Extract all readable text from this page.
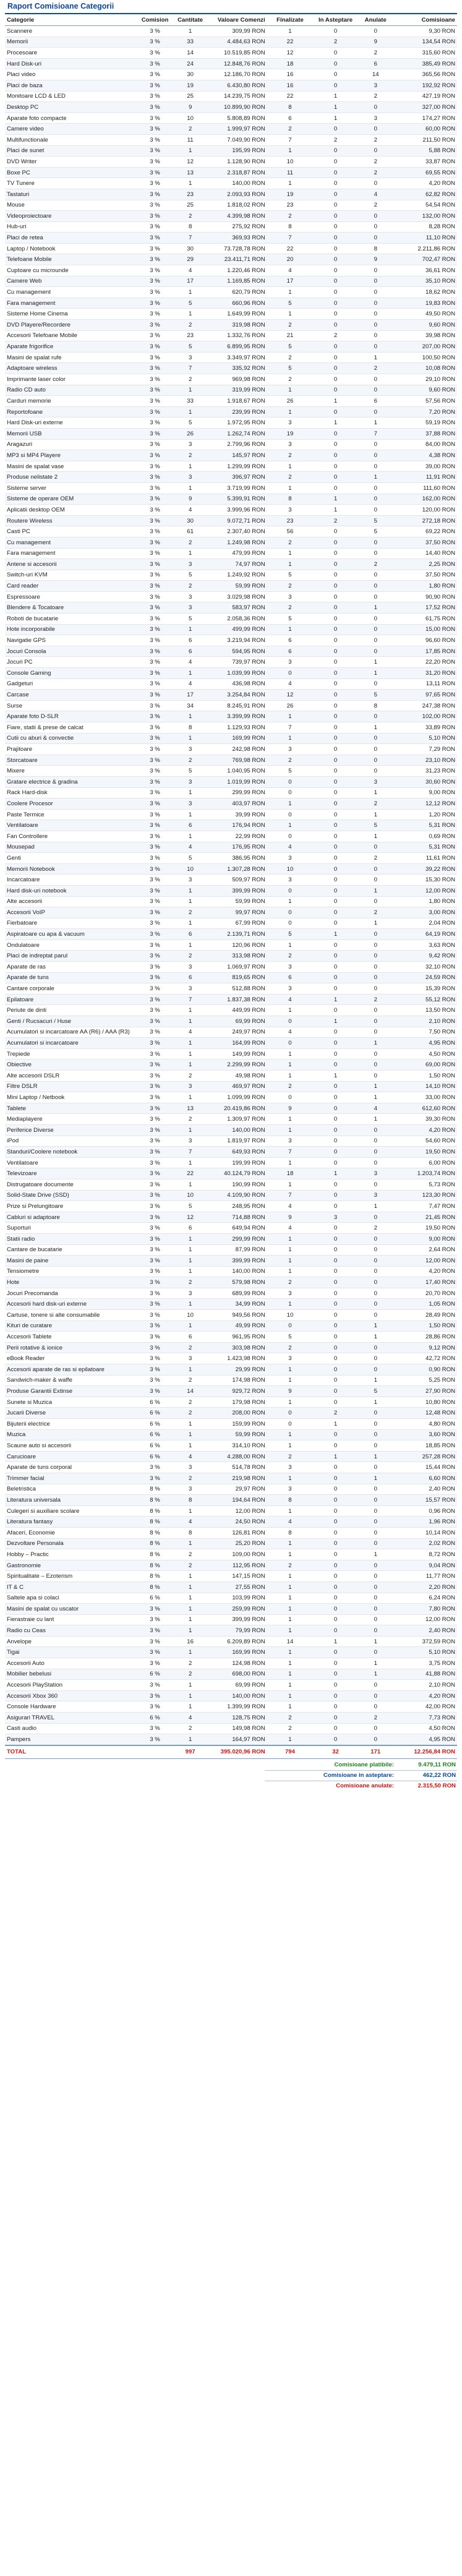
Raport Comisioane Categorii
Categorie	Comision	Cantitate	Valoare Comenzi	Finalizate	In Asteptare	Anulate	Comisioane
Scannere	3 %	1	309,99 RON	1	0	0	9,30 RON
Memorii	3 %	33	4.484,63 RON	22	2	9	134,54 RON
Procesoare	3 %	14	10.519,85 RON	12	0	2	315,60 RON
Hard Disk-uri	3 %	24	12.848,76 RON	18	0	6	385,49 RON
Placi video	3 %	30	12.186,70 RON	16	0	14	365,56 RON
Placi de baza	3 %	19	6.430,80 RON	16	0	3	192,92 RON
Monitoare LCD & LED	3 %	25	14.239,75 RON	22	1	2	427,19 RON
Desktop PC	3 %	9	10.899,90 RON	8	1	0	327,00 RON
Aparate foto compacte	3 %	10	5.808,89 RON	6	1	3	174,27 RON
Camere video	3 %	2	1.999,97 RON	2	0	0	60,00 RON
Multifunctionale	3 %	11	7.049,90 RON	7	2	2	211,50 RON
Placi de sunet	3 %	1	195,99 RON	1	0	0	5,88 RON
DVD Writer	3 %	12	1.128,90 RON	10	0	2	33,87 RON
Boxe PC	3 %	13	2.318,87 RON	11	0	2	69,55 RON
TV Tunere	3 %	1	140,00 RON	1	0	0	4,20 RON
Tastaturi	3 %	23	2.093,93 RON	19	0	4	62,82 RON
Mouse	3 %	25	1.818,02 RON	23	0	2	54,54 RON
Videoproiectoare	3 %	2	4.399,98 RON	2	0	0	132,00 RON
Hub-uri	3 %	8	275,92 RON	8	0	0	8,28 RON
Placi de retea	3 %	7	369,93 RON	7	0	0	11,10 RON
Laptop / Notebook	3 %	30	73.728,78 RON	22	0	8	2.211,86 RON
Telefoane Mobile	3 %	29	23.411,71 RON	20	0	9	702,47 RON
Cuptoare cu microunde	3 %	4	1.220,46 RON	4	0	0	36,61 RON
Camere Web	3 %	17	1.169,85 RON	17	0	0	35,10 RON
Cu management	3 %	1	620,79 RON	1	0	0	18,62 RON
Fara management	3 %	5	660,96 RON	5	0	0	19,83 RON
Sisteme Home Cinema	3 %	1	1.649,99 RON	1	0	0	49,50 RON
DVD Playere/Recordere	3 %	2	319,98 RON	2	0	0	9,60 RON
Accesorii Telefoane Mobile	3 %	23	1.332,76 RON	21	2	0	39,98 RON
Aparate frigorifice	3 %	5	6.899,95 RON	5	0	0	207,00 RON
Masini de spalat rufe	3 %	3	3.349,97 RON	2	0	1	100,50 RON
Adaptoare wireless	3 %	7	335,92 RON	5	0	2	10,08 RON
Imprimante laser color	3 %	2	969,98 RON	2	0	0	29,10 RON
Radio CD auto	3 %	1	319,99 RON	1	0	0	9,60 RON
Carduri memorie	3 %	33	1.918,67 RON	26	1	6	57,56 RON
Reportofoane	3 %	1	239,99 RON	1	0	0	7,20 RON
Hard Disk-uri externe	3 %	5	1.972,95 RON	3	1	1	59,19 RON
Memorii USB	3 %	26	1.262,74 RON	19	0	7	37,88 RON
Aragazuri	3 %	3	2.799,96 RON	3	0	0	84,00 RON
MP3 si MP4 Playere	3 %	2	145,97 RON	2	0	0	4,38 RON
Masini de spalat vase	3 %	1	1.299,99 RON	1	0	0	39,00 RON
Produse nelistate 2	3 %	3	396,97 RON	2	0	1	11,91 RON
Sisteme server	3 %	1	3.719,99 RON	1	0	0	111,60 RON
Sisteme de operare OEM	3 %	9	5.399,91 RON	8	1	0	162,00 RON
Aplicatii desktop OEM	3 %	4	3.999,96 RON	3	1	0	120,00 RON
Routere Wireless	3 %	30	9.072,71 RON	23	2	5	272,18 RON
Casti PC	3 %	61	2.307,40 RON	56	0	5	69,22 RON
Cu management	3 %	2	1.249,98 RON	2	0	0	37,50 RON
Fara management	3 %	1	479,99 RON	1	0	0	14,40 RON
Antene si accesorii	3 %	3	74,97 RON	1	0	2	2,25 RON
Switch-uri KVM	3 %	5	1.249,92 RON	5	0	0	37,50 RON
Card reader	3 %	2	59,99 RON	2	0	0	1,80 RON
Espressoare	3 %	3	3.029,98 RON	3	0	0	90,90 RON
Blendere & Tocatoare	3 %	3	583,97 RON	2	0	1	17,52 RON
Roboti de bucatarie	3 %	5	2.058,36 RON	5	0	0	61,75 RON
Hote incorporabile	3 %	1	499,99 RON	1	0	0	15,00 RON
Navigatie GPS	3 %	6	3.219,94 RON	6	0	0	96,60 RON
Jocuri Consola	3 %	6	594,95 RON	6	0	0	17,85 RON
Jocuri PC	3 %	4	739,97 RON	3	0	1	22,20 RON
Console Gaming	3 %	1	1.039,99 RON	0	0	1	31,20 RON
Gadgeturi	3 %	4	436,98 RON	4	0	0	13,11 RON
Carcase	3 %	17	3.254,84 RON	12	0	5	97,65 RON
Surse	3 %	34	8.245,91 RON	26	0	8	247,38 RON
Aparate foto D-SLR	3 %	1	3.399,99 RON	1	0	0	102,00 RON
Fiare, statii & prese de calcat	3 %	8	1.129,93 RON	7	0	1	33,89 RON
Cutii cu aburi & convectie	3 %	1	169,99 RON	1	0	0	5,10 RON
Prajitoare	3 %	3	242,98 RON	3	0	0	7,29 RON
Storcatoare	3 %	2	769,98 RON	2	0	0	23,10 RON
Mixere	3 %	5	1.040,95 RON	5	0	0	31,23 RON
Gratare electrice & gradina	3 %	3	1.019,99 RON	0	0	3	30,60 RON
Rack Hard-disk	3 %	1	299,99 RON	0	0	1	9,00 RON
Coolere Procesor	3 %	3	403,97 RON	1	0	2	12,12 RON
Paste Termice	3 %	1	39,99 RON	0	0	1	1,20 RON
Ventilatoare	3 %	6	176,94 RON	1	0	5	5,31 RON
Fan Controllere	3 %	1	22,99 RON	0	0	1	0,69 RON
Mousepad	3 %	4	176,95 RON	4	0	0	5,31 RON
Genti	3 %	5	386,95 RON	3	0	2	11,61 RON
Memorii Notebook	3 %	10	1.307,28 RON	10	0	0	39,22 RON
Incarcatoare	3 %	3	509,97 RON	3	0	0	15,30 RON
Hard disk-uri notebook	3 %	1	399,99 RON	0	0	1	12,00 RON
Alte accesorii	3 %	1	59,99 RON	1	0	0	1,80 RON
Accesorii VoIP	3 %	2	99,97 RON	0	0	2	3,00 RON
Fierbatoare	3 %	1	67,99 RON	0	0	1	2,04 RON
Aspiratoare cu apa & vacuum	3 %	6	2.139,71 RON	5	1	0	64,19 RON
Ondulatoare	3 %	1	120,96 RON	1	0	0	3,63 RON
Placi de indreptat parul	3 %	2	313,98 RON	2	0	0	9,42 RON
Aparate de ras	3 %	3	1.069,97 RON	3	0	0	32,10 RON
Aparate de tuns	3 %	6	819,65 RON	6	0	0	24,59 RON
Cantare corporale	3 %	3	512,88 RON	3	0	0	15,39 RON
Epilatoare	3 %	7	1.837,38 RON	4	1	2	55,12 RON
Periute de dinti	3 %	1	449,99 RON	1	0	0	13,50 RON
Genti / Rucsacuri / Huse	3 %	1	69,99 RON	0	1	0	2,10 RON
Acumulatori si incarcatoare AA (R6) / AAA (R3)	3 %	4	249,97 RON	4	0	0	7,50 RON
Acumulatori si incarcatoare	3 %	1	164,99 RON	0	0	1	4,95 RON
Trepiede	3 %	1	149,99 RON	1	0	0	4,50 RON
Obiective	3 %	1	2.299,99 RON	1	0	0	69,00 RON
Alte accesorii DSLR	3 %	2	49,98 RON	1	1	0	1,50 RON
Filtre DSLR	3 %	3	469,97 RON	2	0	1	14,10 RON
Mini Laptop / Netbook	3 %	1	1.099,99 RON	0	0	1	33,00 RON
Tablete	3 %	13	20.419,86 RON	9	0	4	612,60 RON
Mediaplayere	3 %	2	1.309,97 RON	1	0	1	39,30 RON
Periferice Diverse	3 %	1	140,00 RON	1	0	0	4,20 RON
iPod	3 %	3	1.819,97 RON	3	0	0	54,60 RON
Standuri/Coolere notebook	3 %	7	649,93 RON	7	0	0	19,50 RON
Ventilatoare	3 %	1	199,99 RON	1	0	0	6,00 RON
Televizoare	3 %	22	40.124,79 RON	18	1	3	1.203,74 RON
Distrugatoare documente	3 %	1	190,99 RON	1	0	0	5,73 RON
Solid-State Drive (SSD)	3 %	10	4.109,90 RON	7	0	3	123,30 RON
Prize si Prelungitoare	3 %	5	248,95 RON	4	0	1	7,47 RON
Cabluri si adaptoare	3 %	12	714,88 RON	9	3	0	21,45 RON
Suporturi	3 %	6	649,94 RON	4	0	2	19,50 RON
Statii radio	3 %	1	299,99 RON	1	0	0	9,00 RON
Cantare de bucatarie	3 %	1	87,99 RON	1	0	0	2,64 RON
Masini de paine	3 %	1	399,99 RON	1	0	0	12,00 RON
Tensiometre	3 %	1	140,00 RON	1	0	0	4,20 RON
Hote	3 %	2	579,98 RON	2	0	0	17,40 RON
Jocuri Precomanda	3 %	3	689,99 RON	3	0	0	20,70 RON
Accesorii hard disk-uri externe	3 %	1	34,99 RON	1	0	0	1,05 RON
Cartuse, tonere si alte consumabile	3 %	10	949,56 RON	10	0	0	28,49 RON
Kituri de curatare	3 %	1	49,99 RON	0	0	1	1,50 RON
Accesorii Tablete	3 %	6	961,95 RON	5	0	1	28,86 RON
Perii rotative & ionice	3 %	2	303,98 RON	2	0	0	9,12 RON
eBook Reader	3 %	3	1.423,98 RON	3	0	0	42,72 RON
Accesorii aparate de ras si epilatoare	3 %	1	29,99 RON	1	0	0	0,90 RON
Sandwich-maker & waffe	3 %	2	174,98 RON	1	0	1	5,25 RON
Produse Garantii Extinse	3 %	14	929,72 RON	9	0	5	27,90 RON
Sunete si Muzica	6 %	2	179,98 RON	1	0	1	10,80 RON
Jucarii Diverse	6 %	2	208,00 RON	0	2	0	12,48 RON
Bijuterii electrice	6 %	1	159,99 RON	0	1	0	4,80 RON
Muzica	6 %	1	59,99 RON	1	0	0	3,60 RON
Scaune auto si accesorii	6 %	1	314,10 RON	1	0	0	18,85 RON
Carucioare	6 %	4	4.288,00 RON	2	1	1	257,28 RON
Aparate de tuns corporal	3 %	3	514,78 RON	3	0	0	15,44 RON
Trimmer facial	3 %	2	219,98 RON	1	0	1	6,60 RON
Beletristica	8 %	3	29,97 RON	3	0	0	2,40 RON
Literatura universala	8 %	8	194,64 RON	8	0	0	15,57 RON
Culegeri si auxiliare scolare	8 %	1	12,00 RON	1	0	0	0,96 RON
Literatura fantasy	8 %	4	24,50 RON	4	0	0	1,96 RON
Afaceri, Economie	8 %	8	126,81 RON	8	0	0	10,14 RON
Dezvoltare Personala	8 %	1	25,20 RON	1	0	0	2,02 RON
Hobby – Practic	8 %	2	109,00 RON	1	0	1	8,72 RON
Gastronomie	8 %	2	112,95 RON	2	0	0	9,04 RON
Spiritualitate – Ezoterism	8 %	1	147,15 RON	1	0	0	11,77 RON
IT & C	8 %	1	27,55 RON	1	0	0	2,20 RON
Saltele apa si colaci	6 %	1	103,99 RON	1	0	0	6,24 RON
Masini de spalat cu uscator	3 %	1	259,99 RON	1	0	0	7,80 RON
Fierastraie cu lant	3 %	1	399,99 RON	1	0	0	12,00 RON
Radio cu Ceas	3 %	1	79,99 RON	1	0	0	2,40 RON
Anvelope	3 %	16	6.209,89 RON	14	1	1	372,59 RON
Tigai	3 %	1	169,99 RON	1	0	0	5,10 RON
Accesorii Auto	3 %	2	124,98 RON	1	0	1	3,75 RON
Mobilier bebelusi	6 %	2	698,00 RON	1	0	1	41,88 RON
Accesorii PlayStation	3 %	1	69,99 RON	1	0	0	2,10 RON
Accesorii Xbox 360	3 %	1	140,00 RON	1	0	0	4,20 RON
Console Hardware	3 %	1	1.399,99 RON	1	0	0	42,00 RON
Asigurari TRAVEL	6 %	4	128,75 RON	2	0	2	7,73 RON
Casti audio	3 %	2	149,98 RON	2	0	0	4,50 RON
Pampers	3 %	1	164,97 RON	1	0	0	4,95 RON
TOTAL		997	395.020,96 RON	794	32	171	12.256,84 RON
Comisioane platibile:	9.479,11 RON
Comisioane in asteptare:	462,22 RON
Comisioane anulate:	2.315,50 RON
